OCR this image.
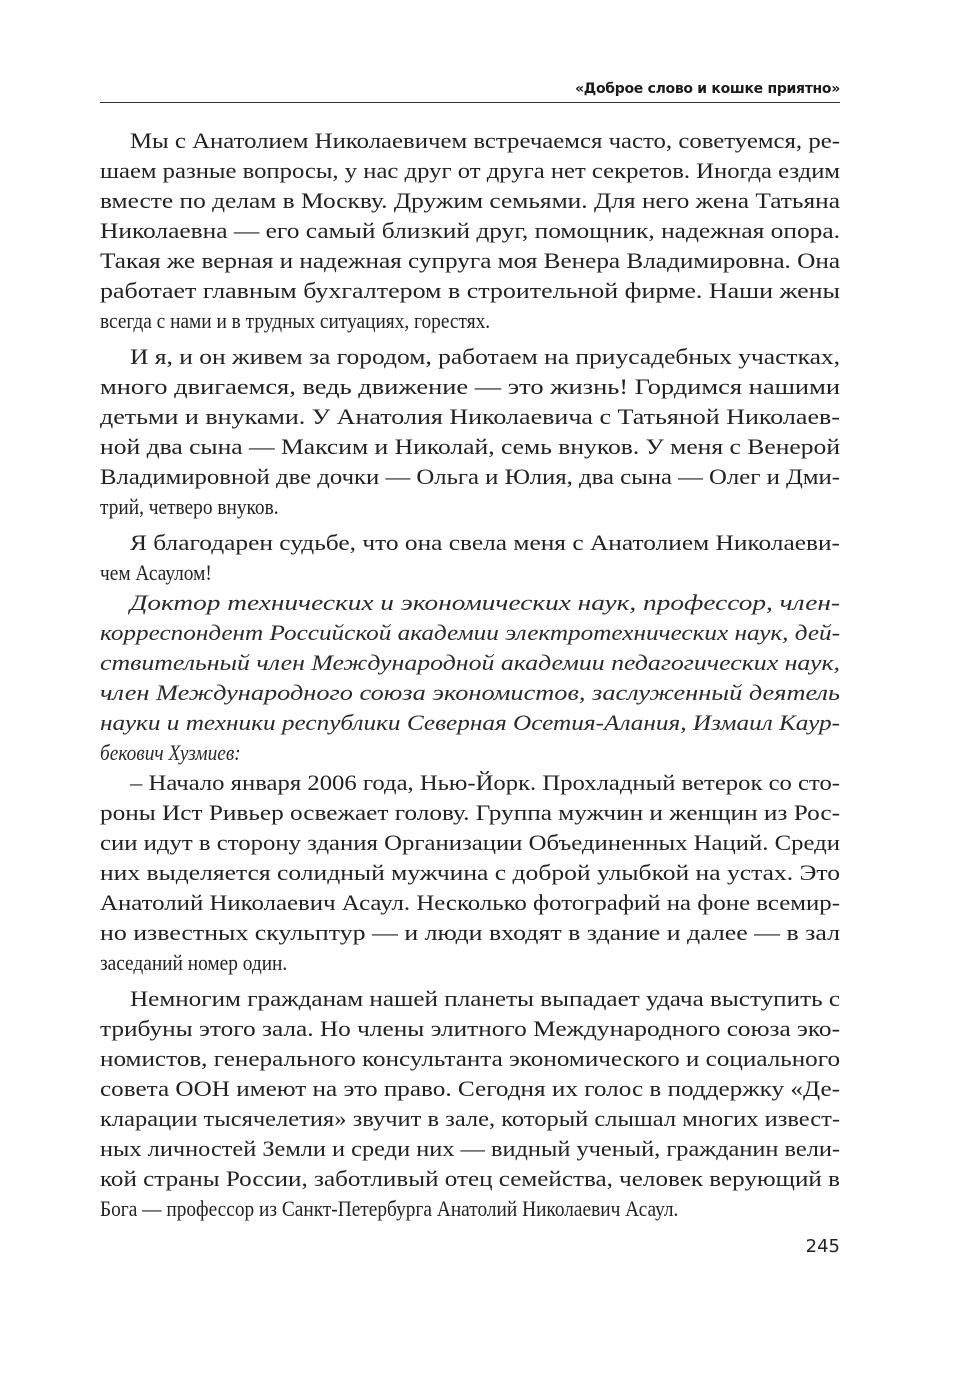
«Доброе слово и кошке приятно»

Мы с Анатолием Николаевичем встречаемся часто, советуемся, ре-
шаем разные вопросы, у нас друг от друга нет секретов. Иногда ездим
вместе по делам в Москву. Дружим семьями. Для него жена Татьяна
Николаевна — его самый близкий друг, помощник, надежная опора.
Такая же верная и надежная супруга моя Венера Владимировна. Она
работает главным бухгалтером в строительной фирме. Наши жены
всегда с нами и в трудных ситуациях, горестях.

И я, и он живем за городом, работаем на приусадебных участках,
много двигаемся, ведь движение — это жизнь! Гордимся нашими
детьми и внуками. У Анатолия Николаевича с Татьяной Николаев-
ной два сына — Максим и Николай, семь внуков. У меня с Венерой
Владимировной две дочки — Ольга и Юлия, два сына — Олег и Дми-
трий, четверо внуков.

Я благодарен судьбе, что она свела меня с Анатолием Николаеви-
чем Асаулом!

Доктор технических и экономических наук, профессор, член-
корреспондент Российской академии электротехнических наук, дей-
ствительный член Международной академии педагогических наук,
член Международного союза экономистов, заслуженный деятель
науки и техники республики Северная Осетия-Алания, Измаил Каур-
бекович Хузмиев:

– Начало января 2006 года, Нью-Йорк. Прохладный ветерок со сто-
роны Ист Ривьер освежает голову. Группа мужчин и женщин из Рос-
сии идут в сторону здания Организации Объединенных Наций. Среди
них выделяется солидный мужчина с доброй улыбкой на устах. Это
Анатолий Николаевич Асаул. Несколько фотографий на фоне всемир-
но известных скульптур — и люди входят в здание и далее — в зал
заседаний номер один.

Немногим гражданам нашей планеты выпадает удача выступить с
трибуны этого зала. Но члены элитного Международного союза эко-
номистов, генерального консультанта экономического и социального
совета ООН имеют на это право. Сегодня их голос в поддержку «Де-
кларации тысячелетия» звучит в зале, который слышал многих извест-
ных личностей Земли и среди них — видный ученый, гражданин вели-
кой страны России, заботливый отец семейства, человек верующий в
Бога — профессор из Санкт-Петербурга Анатолий Николаевич Асаул.

245
